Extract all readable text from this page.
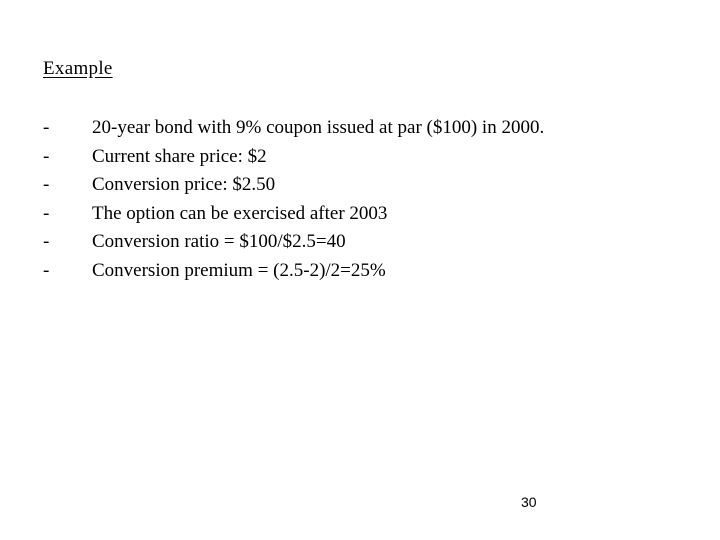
Example
- 20-year bond with 9% coupon issued at par ($100) in 2000.
- Current share price: $2
- Conversion price: $2.50
- The option can be exercised after 2003
- Conversion ratio = $100/$2.5=40
- Conversion premium = (2.5-2)/2=25%
30
